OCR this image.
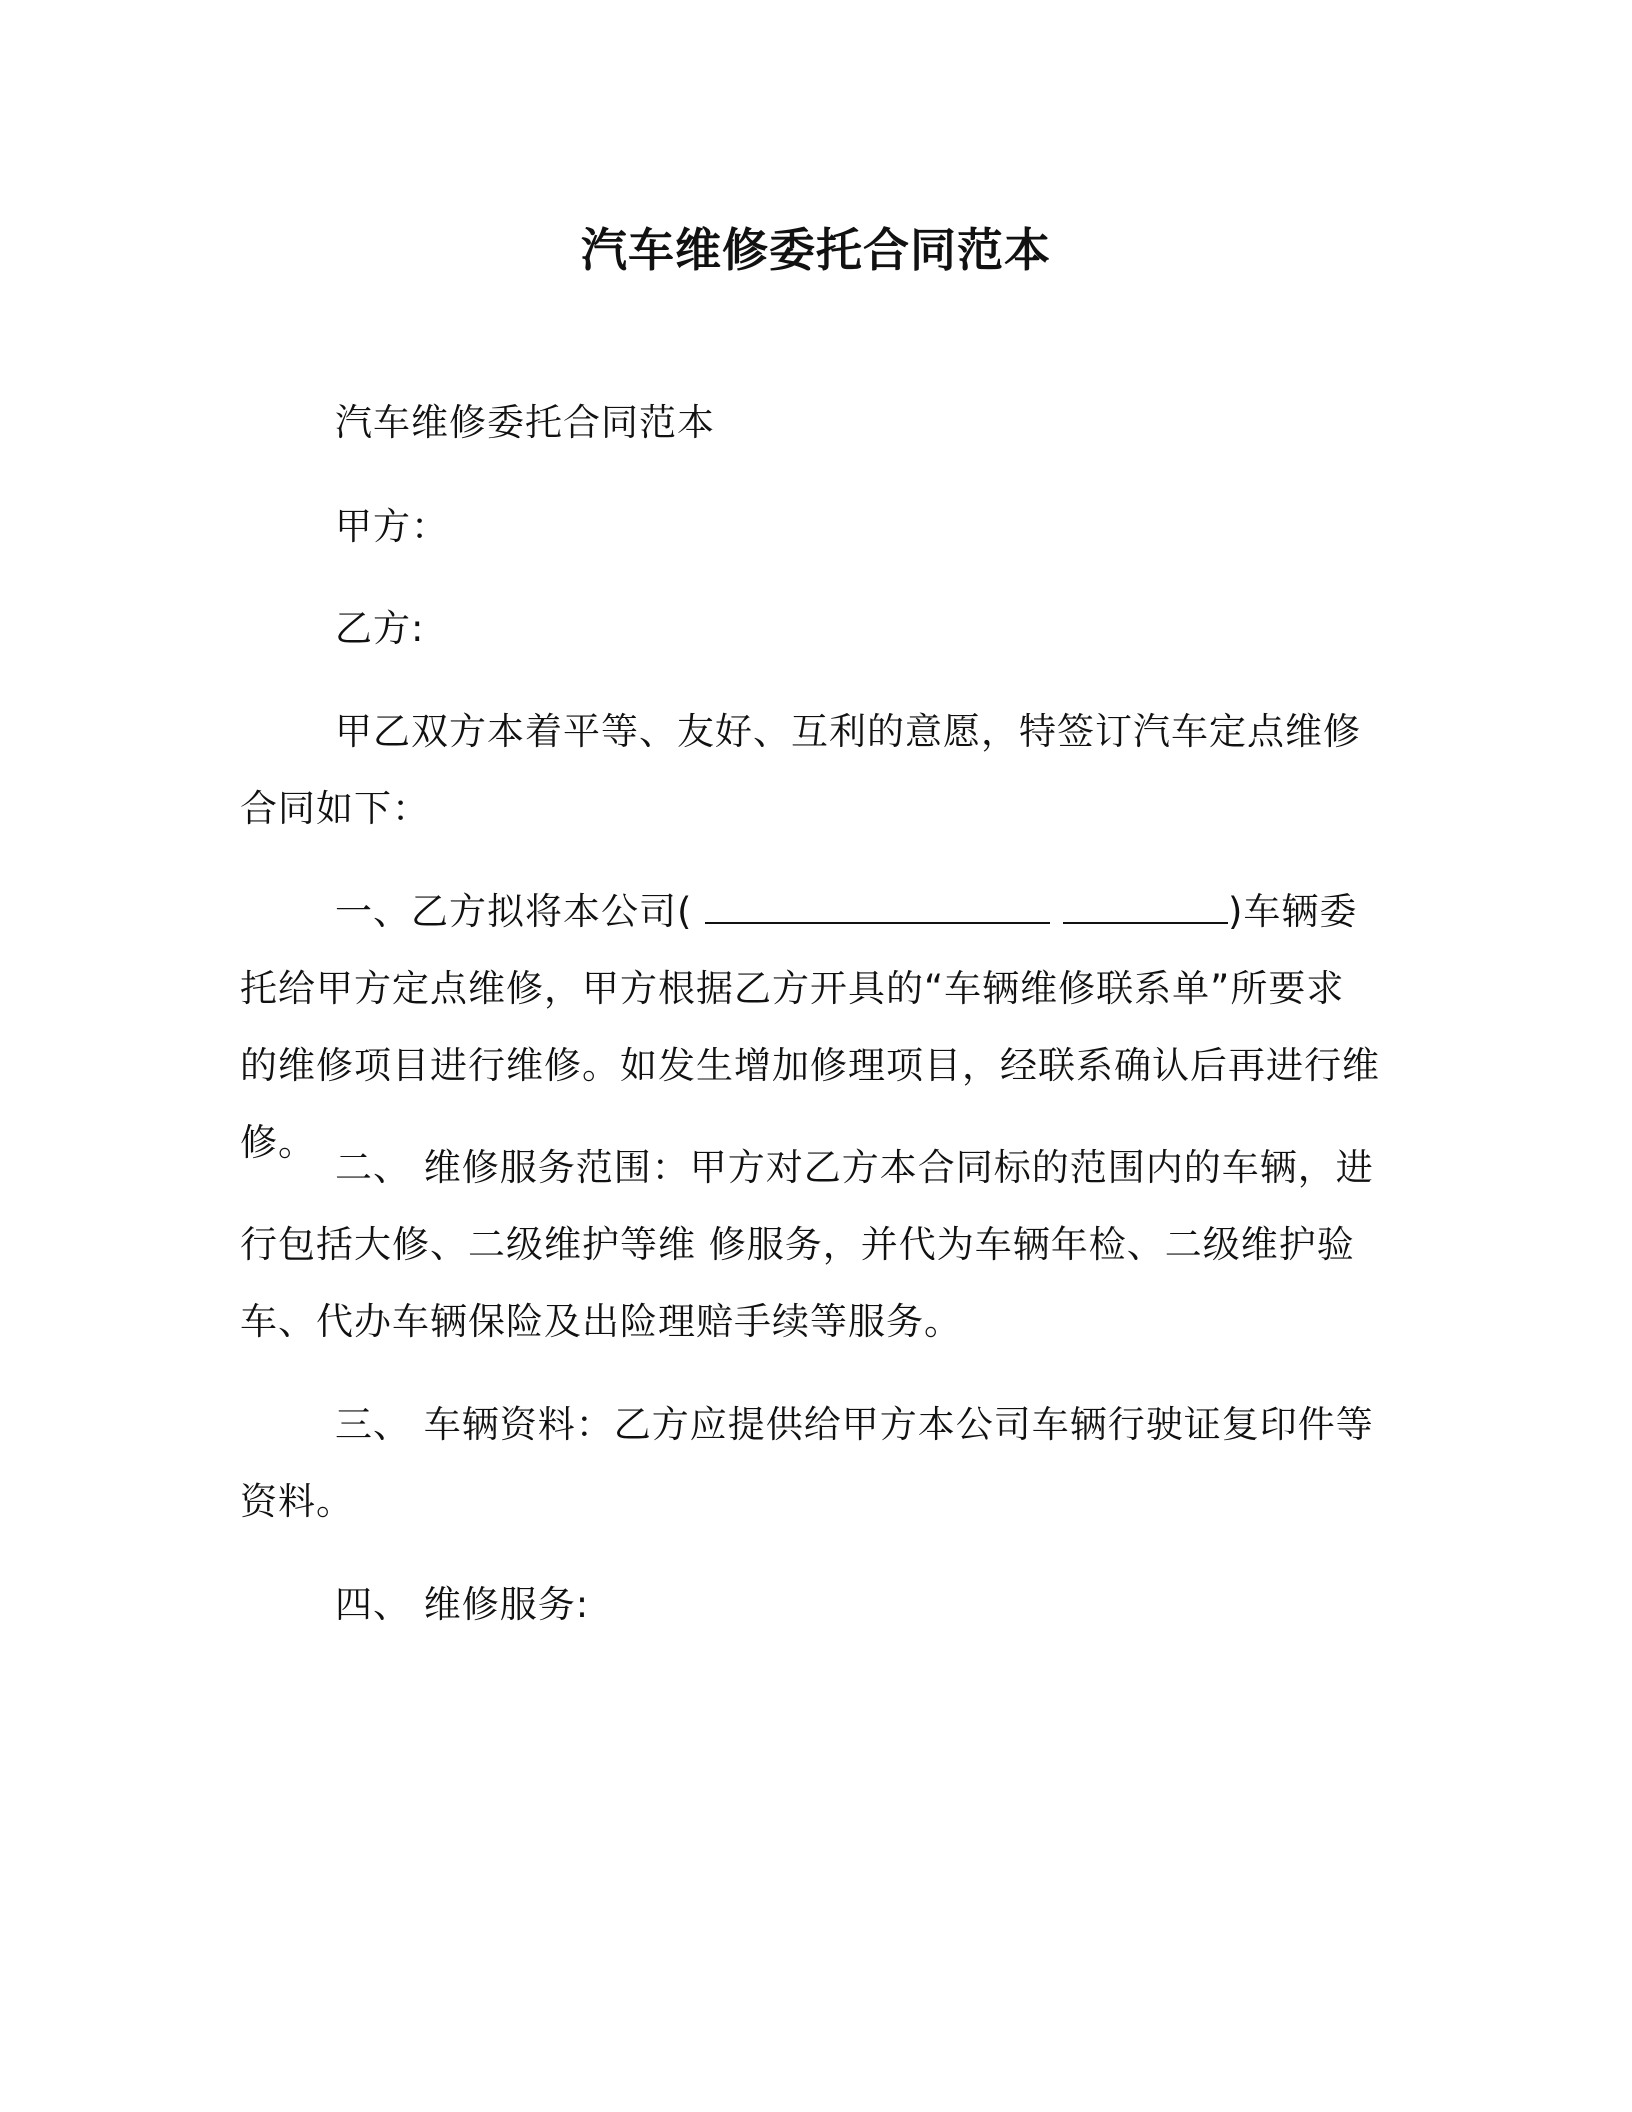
汽车维修委托合同范本

汽车维修委托合同范本

甲方：

乙方:

甲乙双方本着平等、友好、互利的意愿，特签订汽车定点维修合同如下：

一、乙方拟将本公司(	)车辆委托给甲方定点维修，甲方根据乙方开具的“车辆维修联系单”所要求的维修项目进行维修。如发生增加修理项目，经联系确认后再进行维修。

二、 维修服务范围：甲方对乙方本合同标的范围内的车辆，进行包括大修、二级维护等维 修服务，并代为车辆年检、二级维护验车、代办车辆保险及出险理赔手续等服务。

三、 车辆资料：乙方应提供给甲方本公司车辆行驶证复印件等资料。

四、 维修服务:
